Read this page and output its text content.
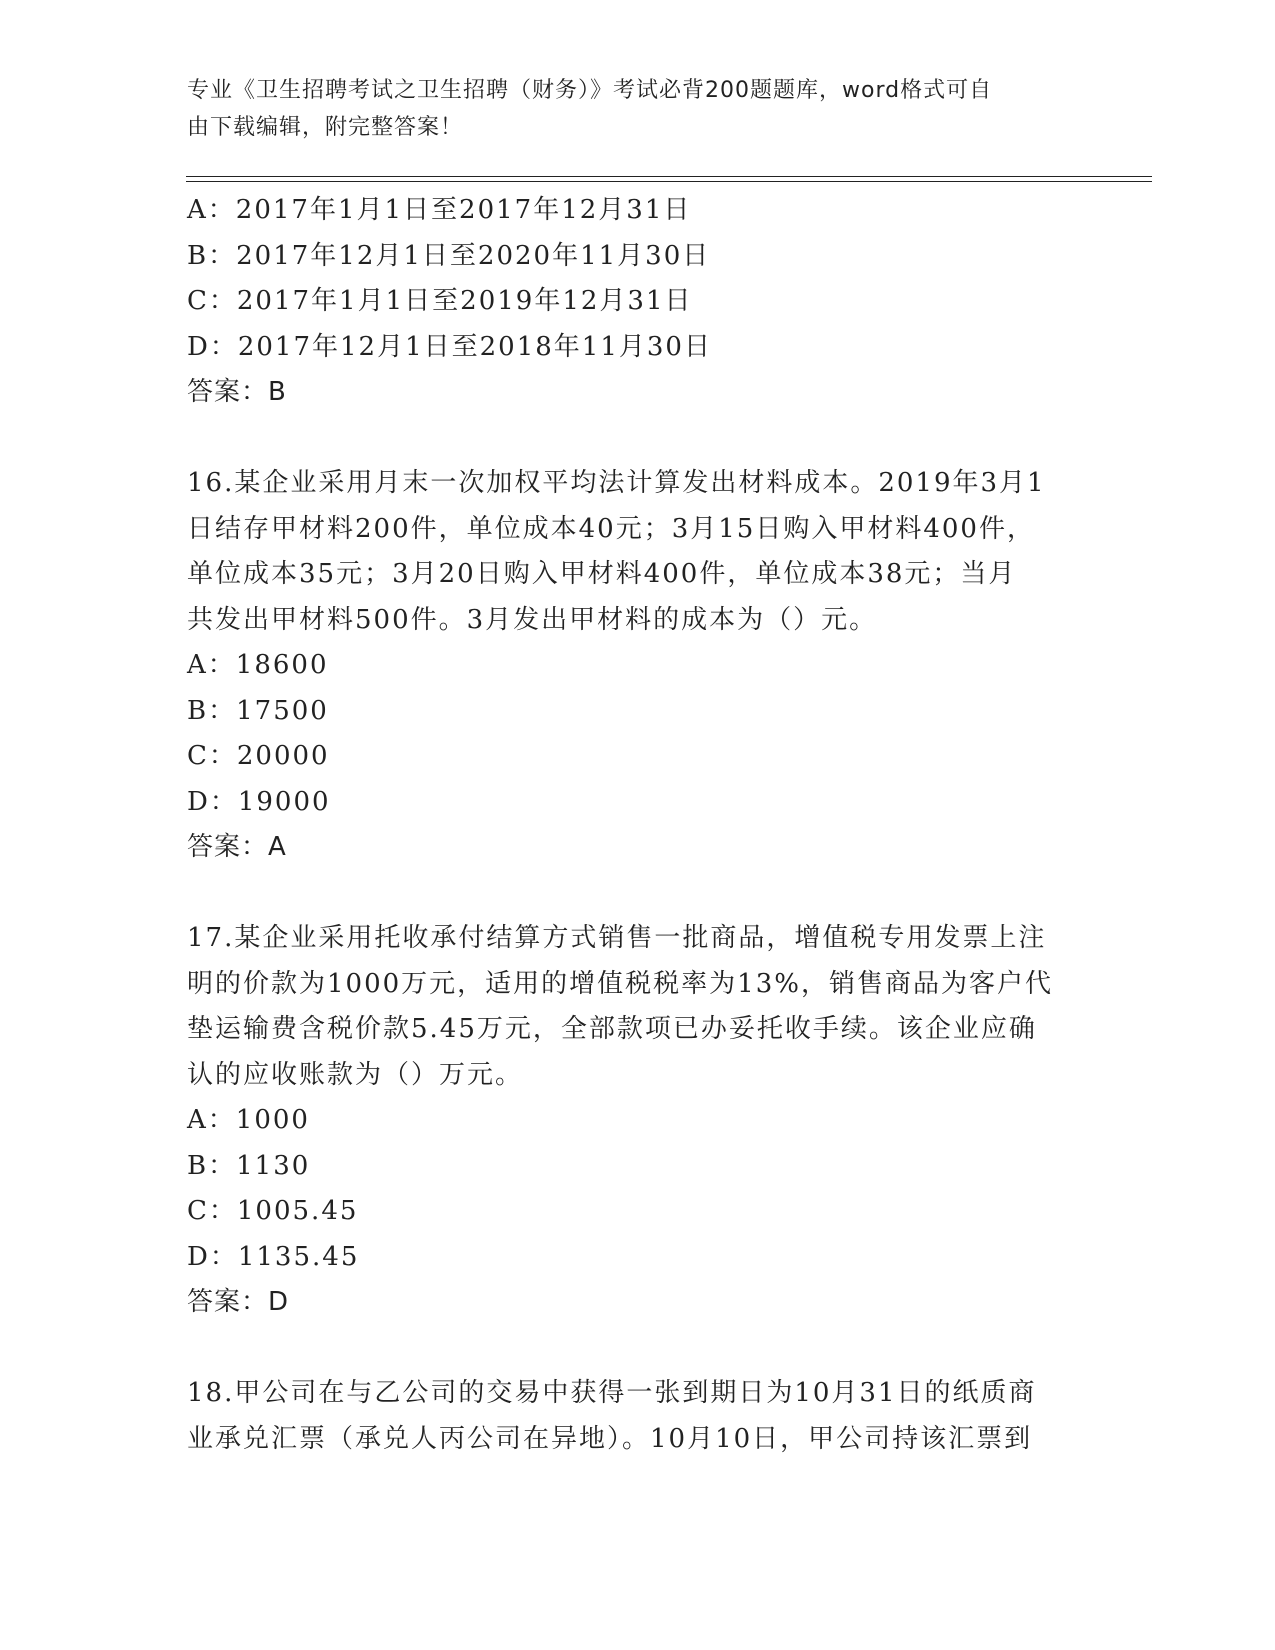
专业《卫生招聘考试之卫生招聘（财务）》考试必背200题题库，word格式可自
由下载编辑，附完整答案！

A：2017年1月1日至2017年12月31日

B：2017年12月1日至2020年11月30日

C：2017年1月1日至2019年12月31日

D：2017年12月1日至2018年11月30日

答案：B

16.某企业采用月末一次加权平均法计算发出材料成本。2019年3月1

日结存甲材料200件，单位成本40元；3月15日购入甲材料400件，

单位成本35元；3月20日购入甲材料400件，单位成本38元；当月

共发出甲材料500件。3月发出甲材料的成本为（）元。

A：18600

B：17500

C：20000

D：19000

答案：A

17.某企业采用托收承付结算方式销售一批商品，增值税专用发票上注

明的价款为1000万元，适用的增值税税率为13%，销售商品为客户代

垫运输费含税价款5.45万元，全部款项已办妥托收手续。该企业应确

认的应收账款为（）万元。

A：1000

B：1130

C：1005.45

D：1135.45

答案：D

18.甲公司在与乙公司的交易中获得一张到期日为10月31日的纸质商

业承兑汇票（承兑人丙公司在异地）。10月10日，甲公司持该汇票到
